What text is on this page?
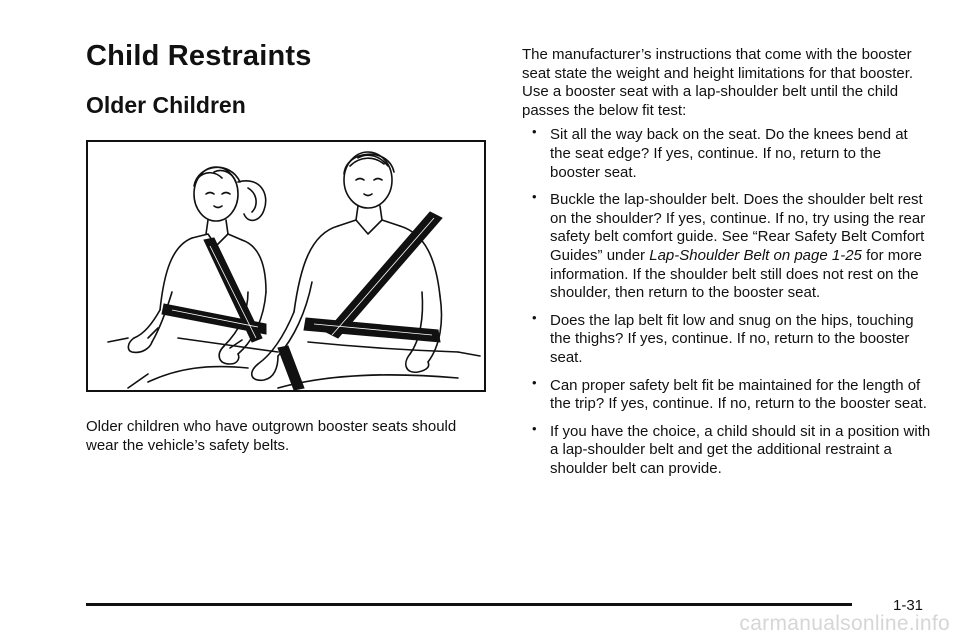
Child Restraints
Older Children

Older children who have outgrown booster seats should wear the vehicle’s safety belts.

The manufacturer’s instructions that come with the booster seat state the weight and height limitations for that booster. Use a booster seat with a lap-shoulder belt until the child passes the below fit test:

• Sit all the way back on the seat. Do the knees bend at the seat edge? If yes, continue. If no, return to the booster seat.
• Buckle the lap-shoulder belt. Does the shoulder belt rest on the shoulder? If yes, continue. If no, try using the rear safety belt comfort guide. See “Rear Safety Belt Comfort Guides” under Lap-Shoulder Belt on page 1-25 for more information. If the shoulder belt still does not rest on the shoulder, then return to the booster seat.
• Does the lap belt fit low and snug on the hips, touching the thighs? If yes, continue. If no, return to the booster seat.
• Can proper safety belt fit be maintained for the length of the trip? If yes, continue. If no, return to the booster seat.
• If you have the choice, a child should sit in a position with a lap-shoulder belt and get the additional restraint a shoulder belt can provide.
1-31
carmanualsonline.info
